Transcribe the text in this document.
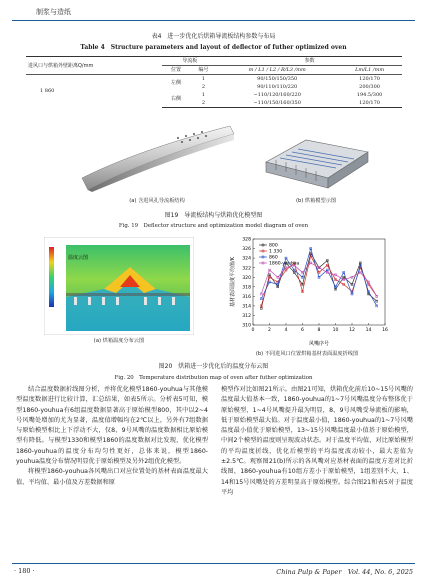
制浆与造纸
表4　进一步优化后烘箱导流板结构参数与布局
Table 4　Structure parameters and layout of deflector of futher optimized oven
进风口与烘箱外壁距离Q/mm	导流板		参数	
	位置	编号	m / L1 / L2 / R/L3 /mm	Lm/L1 /mm
1 860	左侧	1	90/150/150/350	120/170
		2	90/110/110/220	200/300
	右侧	1	−110/120/160/220	194.5/300
		2	−110/150/160/350	120/170
(a) 含进风孔导流板结构	(b) 烘箱模型示图
图19　导流板结构与烘箱优化模型图
Fig. 19　Deflector structure and optimization model diagram of oven
温度云图
(a) 烘箱温度分布云图
310
312
314
316
318
320
322
324
326
328
0	2	4	6	8	10 12 14 16
800
1 330
860
1860-youhua
基材表面温度平均值/K
风嘴序号
(b) 不同进风口位置烘箱基材表面温度折线图
图20　烘箱进一步优化后的温度分布云图
Fig. 20　Temperature distribution map of oven after futher optimization
结合温度数据折线图分析，并将优化模型1860-youhua与其他模型温度数据进行比较计算，汇总结果，如表5所示。分析表5可知，模型1860-youhua有6组温度数据显著高于原始模型800，其中以2~4号风嘴处增加的尤为显著，温度值增幅均在2℃以上，另外有7组数据与原始模型相比上下浮动不大，仅8、9号风嘴的温度数据相比原始模型有降低。与模型1330和模型1860的温度数据对比发现，优化模型1860-youhua的温度分布均匀性更好，总体来说，模型1860-youhua温度分布情况明显优于原始模型及另外2组优化模型。
将模型1860-youhua各风嘴出口对应位置处的基材表面温度最大值、平均值、最小值及方差数据和原
模型作对比如图21所示。由图21可知，烘箱优化前后10~15号风嘴的温度最大值基本一致，1860-youhua的1~7号风嘴温度分布整体优于原始模型，1~4号风嘴提升最为明显，8、9号风嘴受导流板的影响，低于原始模型最大值。对于温度最小值，1860-youhua的1~7号风嘴温度最小值优于原始模型，13~15号风嘴温度最小值基于原始模型，中间2个模型的温度则呈现波动状态。对于温度平均值，对比原始模型的平均温度折线，优化后模型的平均温度波动较小，最大差值为±2.5℃。观察图21(b)所示的各风嘴对应基材表面的温度方差对比折线图，1860-youhua有10组方差小于原始模型，1组差别不大，1、14和15号风嘴处的方差明显高于原始模型。综合图21和表5对于温度平均
· 180 ·	China Pulp & Paper　Vol. 44, No. 6, 2025
